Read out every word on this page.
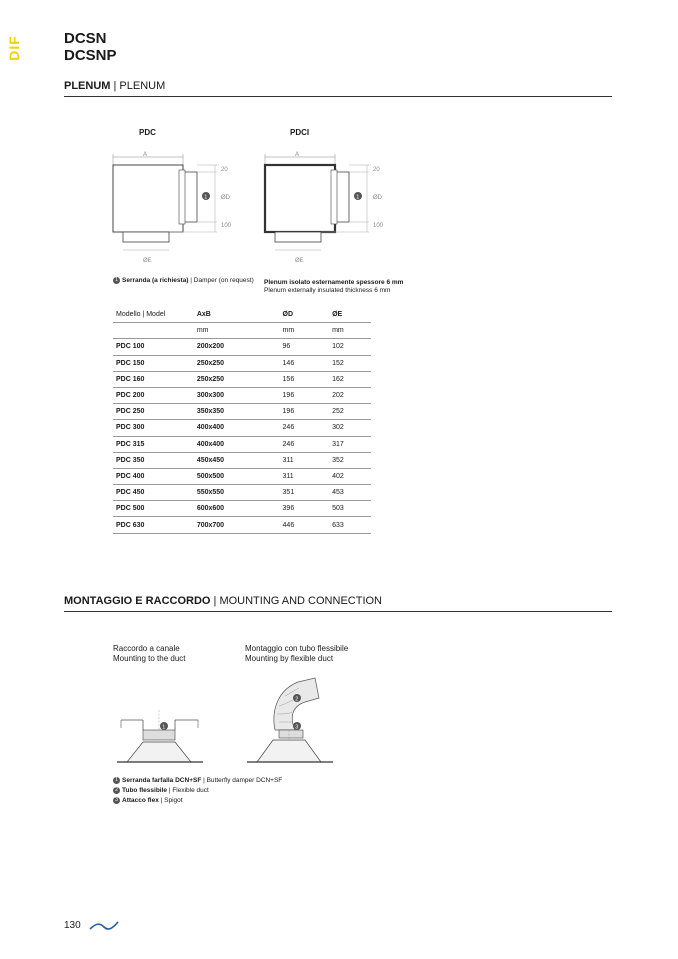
DIF	DCSN
DCSNP
PLENUM | PLENUM
PDC	PDCI
A
20
ØD
100
1
ØE
A
20
ØD
100
1
ØE
1 Serranda (a richiesta) | Damper (on request) Plenum isolato esternamente spessore 6 mm
Plenum externally insulated thickness 6 mm
Modello | Model	AxB	ØD	ØE
	mm	mm	mm
PDC 100	200x200	96	102
PDC 150	250x250	146	152
PDC 160	250x250	156	162
PDC 200	300x300	196	202
PDC 250	350x350	196	252
PDC 300	400x400	246	302
PDC 315	400x400	246	317
PDC 350	450x450	311	352
PDC 400	500x500	311	402
PDC 450	550x550	351	453
PDC 500	600x600	396	503
PDC 630	700x700	446	633
MONTAGGIO E RACCORDO | MOUNTING AND CONNECTION
Raccordo a canale
Mounting to the duct
Montaggio con tubo flessibile
Mounting by flexible duct
1
2
3
1 Serranda farfalla DCN+SF | Butterfly damper DCN+SF
2 Tubo flessibile | Flexible duct
3 Attacco flex | Spigot
130
